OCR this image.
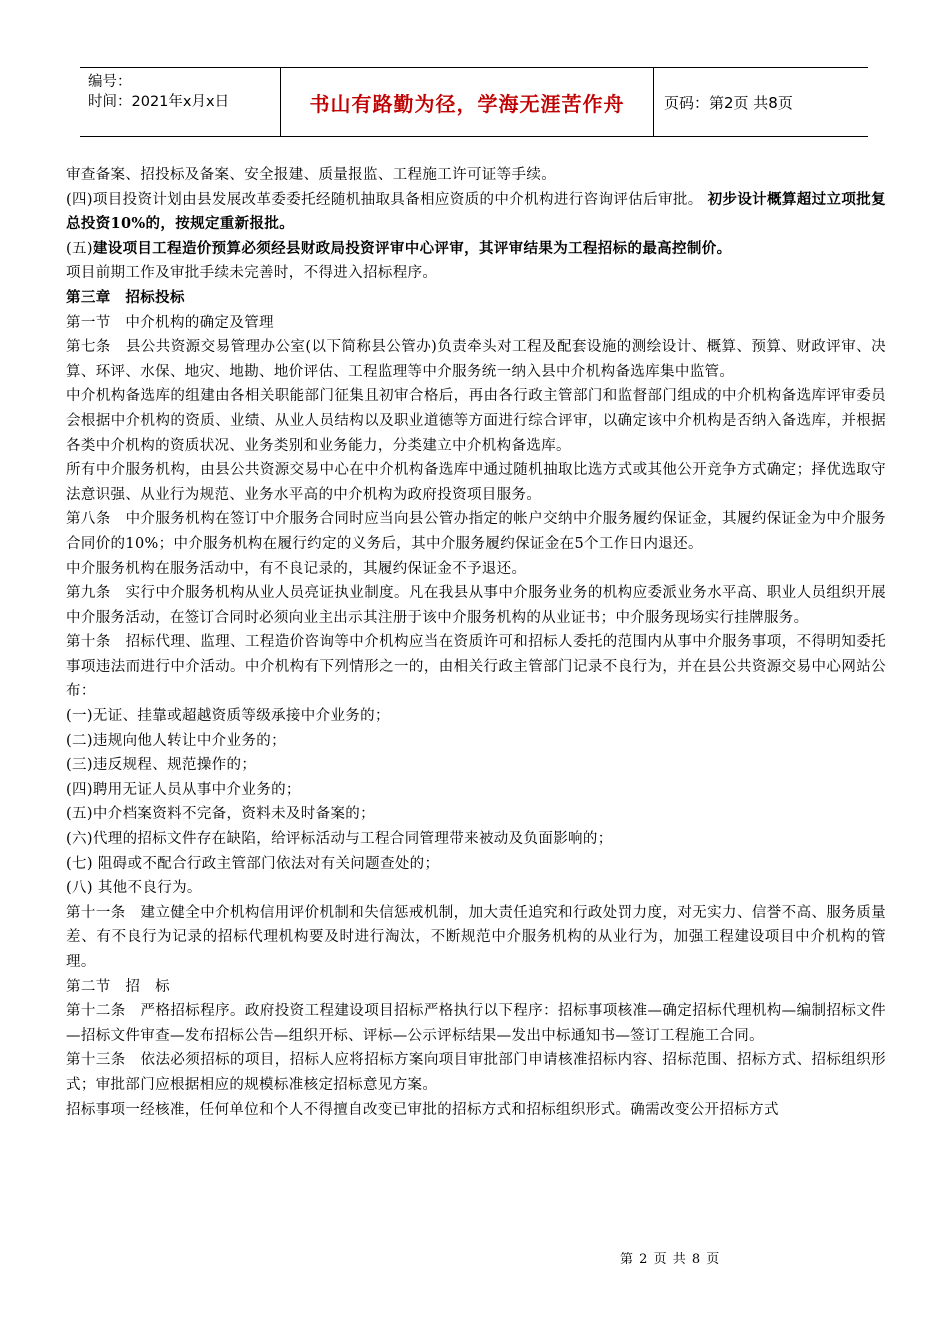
编号：
时间：2021年x月x日	书山有路勤为径，学海无涯苦作舟	页码：第2页 共8页

审查备案、招投标及备案、安全报建、质量报监、工程施工许可证等手续。

(四)项目投资计划由县发展改革委委托经随机抽取具备相应资质的中介机构进行咨询评估后审批。 初步设计概算超过立项批复总投资10%的，按规定重新报批。

(五)建设项目工程造价预算必须经县财政局投资评审中心评审，其评审结果为工程招标的最高控制价。

项目前期工作及审批手续未完善时，不得进入招标程序。

第三章　招标投标

第一节　中介机构的确定及管理

第七条　县公共资源交易管理办公室(以下简称县公管办)负责牵头对工程及配套设施的测绘设计、概算、预算、财政评审、决算、环评、水保、地灾、地勘、地价评估、工程监理等中介服务统一纳入县中介机构备选库集中监管。

中介机构备选库的组建由各相关职能部门征集且初审合格后，再由各行政主管部门和监督部门组成的中介机构备选库评审委员会根据中介机构的资质、业绩、从业人员结构以及职业道德等方面进行综合评审，以确定该中介机构是否纳入备选库，并根据各类中介机构的资质状况、业务类别和业务能力，分类建立中介机构备选库。

所有中介服务机构，由县公共资源交易中心在中介机构备选库中通过随机抽取比选方式或其他公开竞争方式确定；择优选取守法意识强、从业行为规范、业务水平高的中介机构为政府投资项目服务。

第八条　中介服务机构在签订中介服务合同时应当向县公管办指定的帐户交纳中介服务履约保证金，其履约保证金为中介服务合同价的10%；中介服务机构在履行约定的义务后，其中介服务履约保证金在5个工作日内退还。

中介服务机构在服务活动中，有不良记录的，其履约保证金不予退还。

第九条　实行中介服务机构从业人员亮证执业制度。凡在我县从事中介服务业务的机构应委派业务水平高、职业人员组织开展中介服务活动，在签订合同时必须向业主出示其注册于该中介服务机构的从业证书；中介服务现场实行挂牌服务。

第十条　招标代理、监理、工程造价咨询等中介机构应当在资质许可和招标人委托的范围内从事中介服务事项，不得明知委托事项违法而进行中介活动。中介机构有下列情形之一的，由相关行政主管部门记录不良行为，并在县公共资源交易中心网站公布：

(一)无证、挂靠或超越资质等级承接中介业务的；

(二)违规向他人转让中介业务的；

(三)违反规程、规范操作的；

(四)聘用无证人员从事中介业务的；

(五)中介档案资料不完备，资料未及时备案的；

(六)代理的招标文件存在缺陷，给评标活动与工程合同管理带来被动及负面影响的；

(七) 阻碍或不配合行政主管部门依法对有关问题查处的；

(八) 其他不良行为。

第十一条　建立健全中介机构信用评价机制和失信惩戒机制，加大责任追究和行政处罚力度，对无实力、信誉不高、服务质量差、有不良行为记录的招标代理机构要及时进行淘汰，不断规范中介服务机构的从业行为，加强工程建设项目中介机构的管理。

第二节　招　标

第十二条　严格招标程序。政府投资工程建设项目招标严格执行以下程序：招标事项核准—确定招标代理机构—编制招标文件—招标文件审查—发布招标公告—组织开标、评标—公示评标结果—发出中标通知书—签订工程施工合同。

第十三条　依法必须招标的项目，招标人应将招标方案向项目审批部门申请核准招标内容、招标范围、招标方式、招标组织形式；审批部门应根据相应的规模标准核定招标意见方案。

招标事项一经核准，任何单位和个人不得擅自改变已审批的招标方式和招标组织形式。确需改变公开招标方式

第 2 页 共 8 页
